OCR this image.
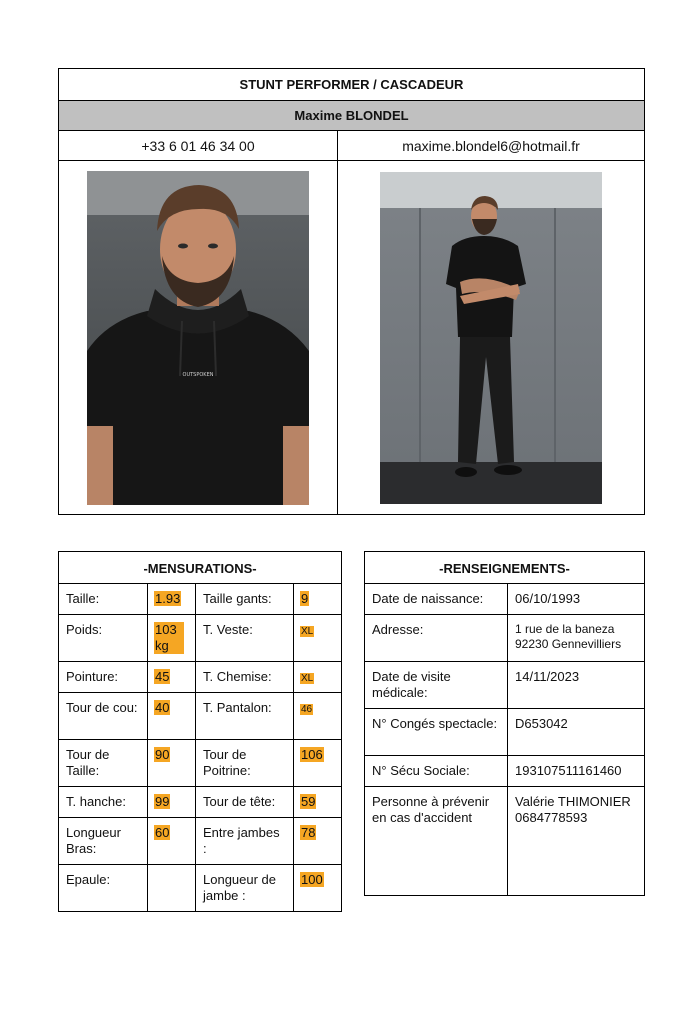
STUNT PERFORMER / CASCADEUR	
Maxime BLONDEL	
+33 6 01 46 34 00	maxime.blondel6@hotmail.fr

OUTSPOKEN

-MENSURATIONS-			
Taille:	1.93	Taille gants:	9
Poids:	103kg	T. Veste:	XL
Pointure:	45	T. Chemise:	XL
Tour de cou:	40	T. Pantalon:	46
Tour de Taille:	90	Tour de Poitrine:	106
T. hanche:	99	Tour de tête:	59
Longueur Bras:	60	Entre jambes :	78
Epaule:		Longueur de jambe :	100
-RENSEIGNEMENTS-	
Date de naissance:	06/10/1993
Adresse:	1 rue de la baneza
92230 Gennevilliers

Date de visite médicale:	14/11/2023
N° Congés spectacle:	D653042
N° Sécu Sociale:	193107511161460
Personne à prévenir en cas d'accident	Valérie THIMONIER
0684778593
